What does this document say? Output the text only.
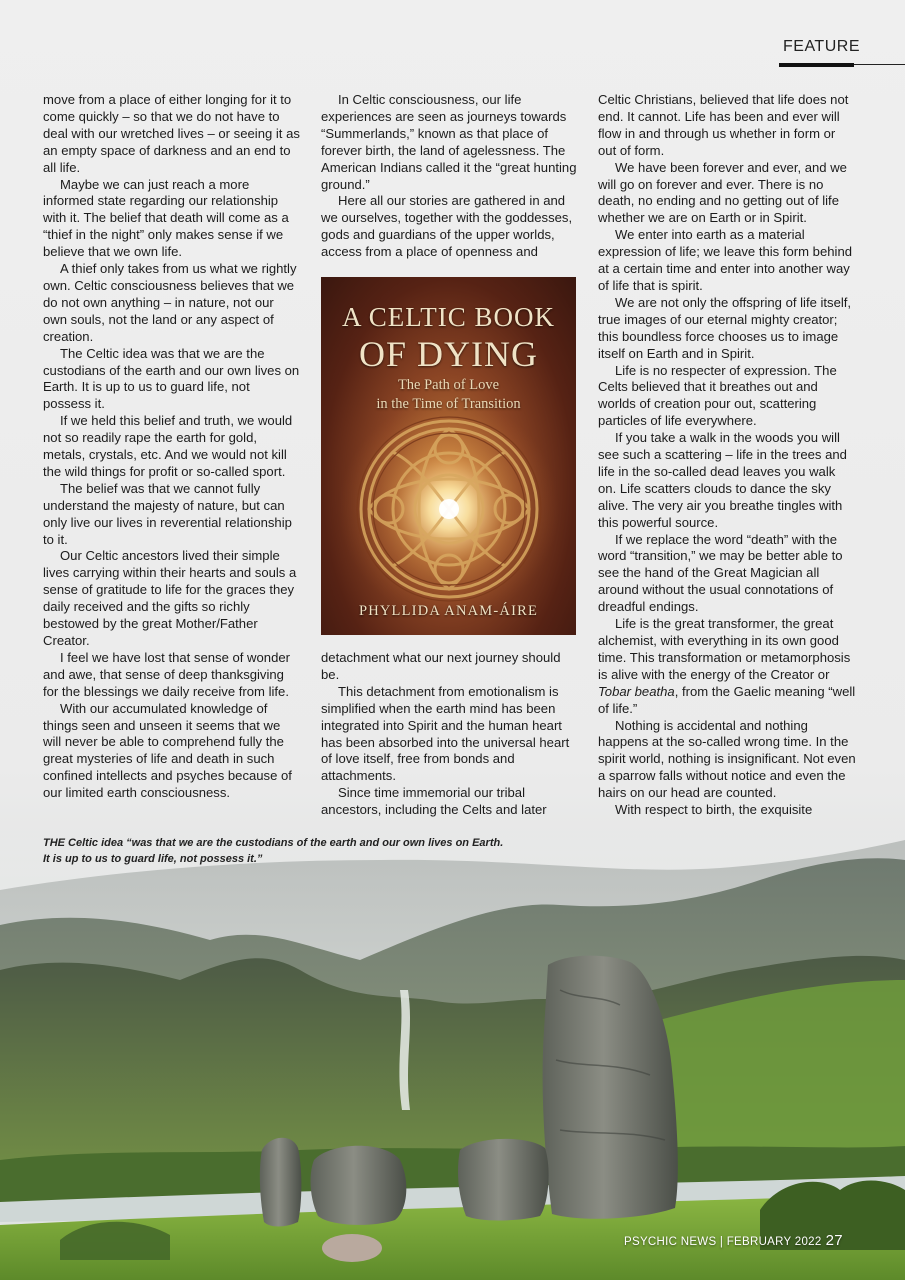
FEATURE

move from a place of either longing for it to come quickly – so that we do not have to deal with our wretched lives – or seeing it as an empty space of darkness and an end to all life.

Maybe we can just reach a more informed state regarding our relationship with it. The belief that death will come as a “thief in the night” only makes sense if we believe that we own life.

A thief only takes from us what we rightly own. Celtic consciousness believes that we do not own anything – in nature, not our own souls, not the land or any aspect of creation.

The Celtic idea was that we are the custodians of the earth and our own lives on Earth. It is up to us to guard life, not possess it.

If we held this belief and truth, we would not so readily rape the earth for gold, metals, crystals, etc. And we would not kill the wild things for profit or so-called sport.

The belief was that we cannot fully understand the majesty of nature, but can only live our lives in reverential relationship to it.

Our Celtic ancestors lived their simple lives carrying within their hearts and souls a sense of gratitude to life for the graces they daily received and the gifts so richly bestowed by the great Mother/Father Creator.

I feel we have lost that sense of wonder and awe, that sense of deep thanksgiving for the blessings we daily receive from life.

With our accumulated knowledge of things seen and unseen it seems that we will never be able to comprehend fully the great mysteries of life and death in such confined intellects and psyches because of our limited earth consciousness.

In Celtic consciousness, our life experiences are seen as journeys towards “Summerlands,” known as that place of forever birth, the land of agelessness. The American Indians called it the “great hunting ground.”

Here all our stories are gathered in and we ourselves, together with the goddesses, gods and guardians of the upper worlds, access from a place of openness and

A CELTIC BOOK
OF DYING
The Path of Love
in the Time of Transition
PHYLLIDA ANAM-ÁIRE

detachment what our next journey should be.

This detachment from emotionalism is simplified when the earth mind has been integrated into Spirit and the human heart has been absorbed into the universal heart of love itself, free from bonds and attachments.

Since time immemorial our tribal ancestors, including the Celts and later

Celtic Christians, believed that life does not end. It cannot. Life has been and ever will flow in and through us whether in form or out of form.

We have been forever and ever, and we will go on forever and ever. There is no death, no ending and no getting out of life whether we are on Earth or in Spirit.

We enter into earth as a material expression of life; we leave this form behind at a certain time and enter into another way of life that is spirit.

We are not only the offspring of life itself, true images of our eternal mighty creator; this boundless force chooses us to image itself on Earth and in Spirit.

Life is no respecter of expression. The Celts believed that it breathes out and worlds of creation pour out, scattering particles of life everywhere.

If you take a walk in the woods you will see such a scattering – life in the trees and life in the so-called dead leaves you walk on. Life scatters clouds to dance the sky alive. The very air you breathe tingles with this powerful source.

If we replace the word “death” with the word “transition,” we may be better able to see the hand of the Great Magician all around without the usual connotations of dreadful endings.

Life is the great transformer, the great alchemist, with everything in its own good time. This transformation or metamorphosis is alive with the energy of the Creator or Tobar beatha, from the Gaelic meaning “well of life.”

Nothing is accidental and nothing happens at the so-called wrong time. In the spirit world, nothing is insignificant. Not even a sparrow falls without notice and even the hairs on our head are counted.

With respect to birth, the exquisite

THE Celtic idea “was that we are the custodians of the earth and our own lives on Earth.
It is up to us to guard life, not possess it.”
PSYCHIC NEWS | FEBRUARY 2022 27
